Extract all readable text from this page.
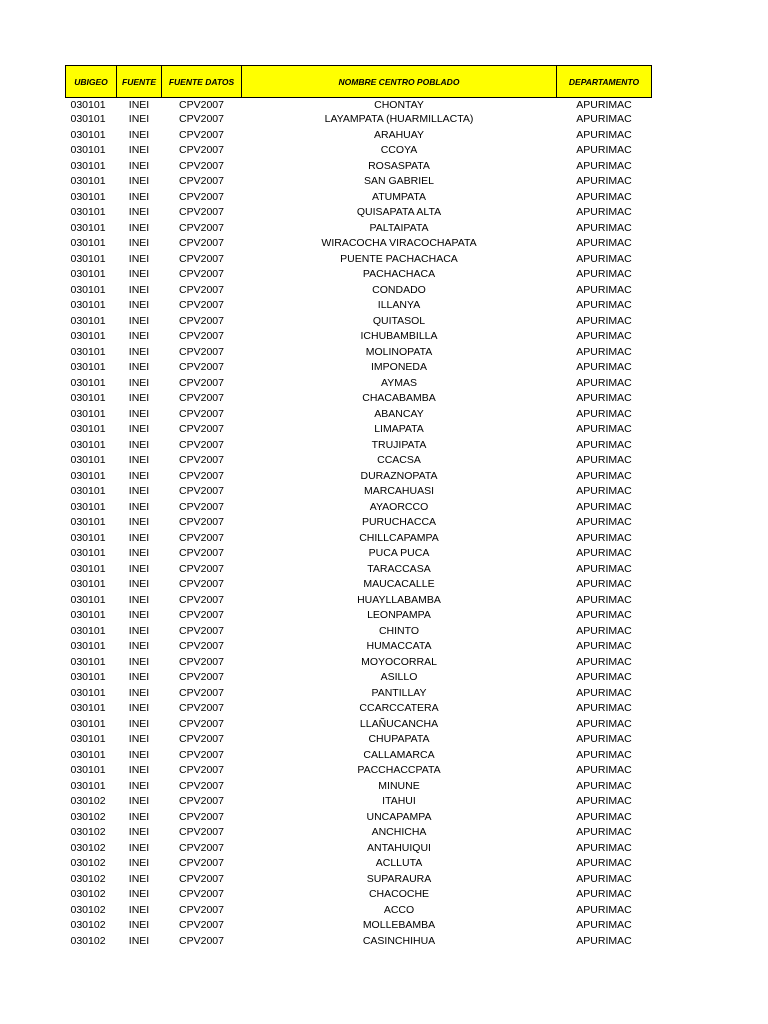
UBIGEO	FUENTE	FUENTE DATOS	NOMBRE CENTRO POBLADO	DEPARTAMENTO
030101	INEI	CPV2007	CHONTAY	APURIMAC
030101	INEI	CPV2007	LAYAMPATA (HUARMILLACTA)	APURIMAC
030101	INEI	CPV2007	ARAHUAY	APURIMAC
030101	INEI	CPV2007	CCOYA	APURIMAC
030101	INEI	CPV2007	ROSASPATA	APURIMAC
030101	INEI	CPV2007	SAN GABRIEL	APURIMAC
030101	INEI	CPV2007	ATUMPATA	APURIMAC
030101	INEI	CPV2007	QUISAPATA ALTA	APURIMAC
030101	INEI	CPV2007	PALTAIPATA	APURIMAC
030101	INEI	CPV2007	WIRACOCHA VIRACOCHAPATA	APURIMAC
030101	INEI	CPV2007	PUENTE PACHACHACA	APURIMAC
030101	INEI	CPV2007	PACHACHACA	APURIMAC
030101	INEI	CPV2007	CONDADO	APURIMAC
030101	INEI	CPV2007	ILLANYA	APURIMAC
030101	INEI	CPV2007	QUITASOL	APURIMAC
030101	INEI	CPV2007	ICHUBAMBILLA	APURIMAC
030101	INEI	CPV2007	MOLINOPATA	APURIMAC
030101	INEI	CPV2007	IMPONEDA	APURIMAC
030101	INEI	CPV2007	AYMAS	APURIMAC
030101	INEI	CPV2007	CHACABAMBA	APURIMAC
030101	INEI	CPV2007	ABANCAY	APURIMAC
030101	INEI	CPV2007	LIMAPATA	APURIMAC
030101	INEI	CPV2007	TRUJIPATA	APURIMAC
030101	INEI	CPV2007	CCACSA	APURIMAC
030101	INEI	CPV2007	DURAZNOPATA	APURIMAC
030101	INEI	CPV2007	MARCAHUASI	APURIMAC
030101	INEI	CPV2007	AYAORCCO	APURIMAC
030101	INEI	CPV2007	PURUCHACCA	APURIMAC
030101	INEI	CPV2007	CHILLCAPAMPA	APURIMAC
030101	INEI	CPV2007	PUCA PUCA	APURIMAC
030101	INEI	CPV2007	TARACCASA	APURIMAC
030101	INEI	CPV2007	MAUCACALLE	APURIMAC
030101	INEI	CPV2007	HUAYLLABAMBA	APURIMAC
030101	INEI	CPV2007	LEONPAMPA	APURIMAC
030101	INEI	CPV2007	CHINTO	APURIMAC
030101	INEI	CPV2007	HUMACCATA	APURIMAC
030101	INEI	CPV2007	MOYOCORRAL	APURIMAC
030101	INEI	CPV2007	ASILLO	APURIMAC
030101	INEI	CPV2007	PANTILLAY	APURIMAC
030101	INEI	CPV2007	CCARCCATERA	APURIMAC
030101	INEI	CPV2007	LLAÑUCANCHA	APURIMAC
030101	INEI	CPV2007	CHUPAPATA	APURIMAC
030101	INEI	CPV2007	CALLAMARCA	APURIMAC
030101	INEI	CPV2007	PACCHACCPATA	APURIMAC
030101	INEI	CPV2007	MINUNE	APURIMAC
030102	INEI	CPV2007	ITAHUI	APURIMAC
030102	INEI	CPV2007	UNCAPAMPA	APURIMAC
030102	INEI	CPV2007	ANCHICHA	APURIMAC
030102	INEI	CPV2007	ANTAHUIQUI	APURIMAC
030102	INEI	CPV2007	ACLLUTA	APURIMAC
030102	INEI	CPV2007	SUPARAURA	APURIMAC
030102	INEI	CPV2007	CHACOCHE	APURIMAC
030102	INEI	CPV2007	ACCO	APURIMAC
030102	INEI	CPV2007	MOLLEBAMBA	APURIMAC
030102	INEI	CPV2007	CASINCHIHUA	APURIMAC
